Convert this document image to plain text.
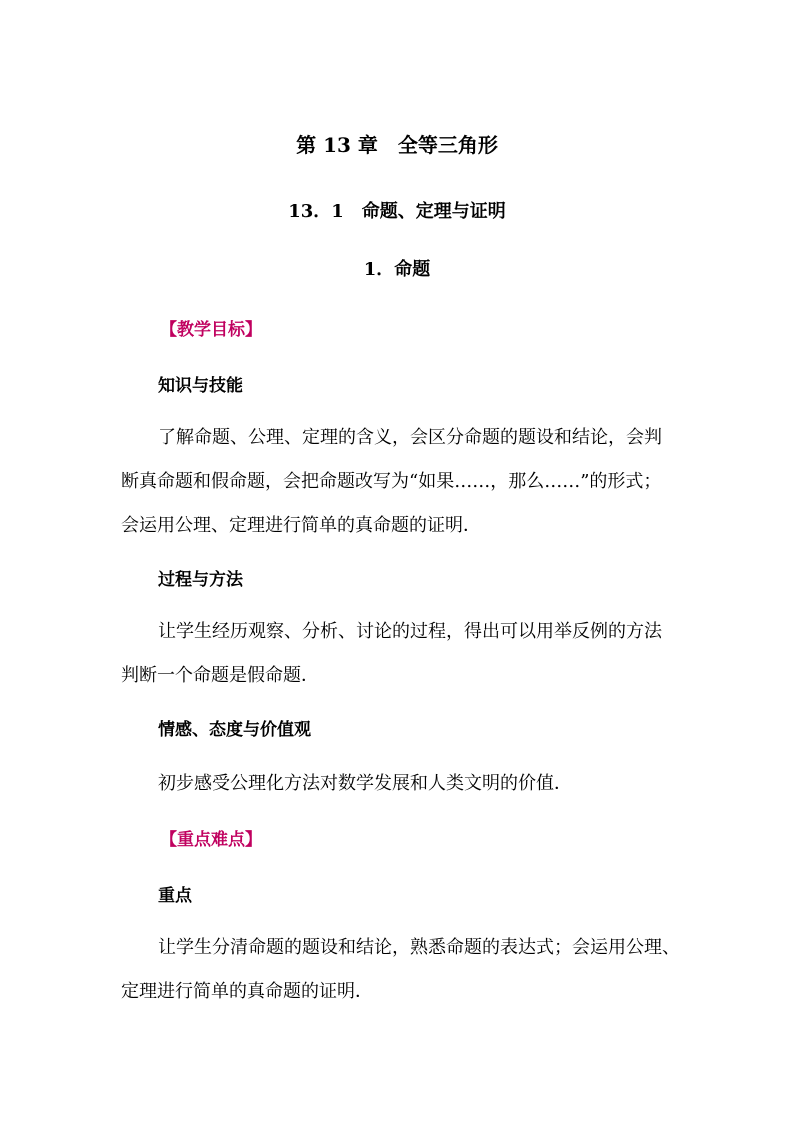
第 13 章　全等三角形
13．1　命题、定理与证明
1．命题
【教学目标】
知识与技能
了解命题、公理、定理的含义，会区分命题的题设和结论，会判
断真命题和假命题，会把命题改写为“如果……，那么……”的形式；
会运用公理、定理进行简单的真命题的证明．
过程与方法
让学生经历观察、分析、讨论的过程，得出可以用举反例的方法
判断一个命题是假命题．
情感、态度与价值观
初步感受公理化方法对数学发展和人类文明的价值．
【重点难点】
重点
让学生分清命题的题设和结论，熟悉命题的表达式；会运用公理、
定理进行简单的真命题的证明．
